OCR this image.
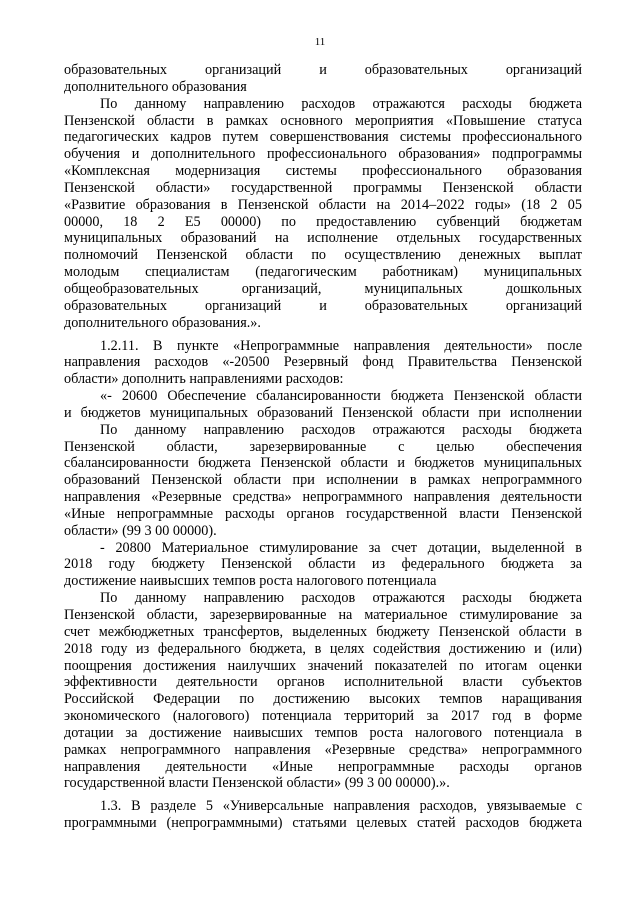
11
образовательных организаций и образовательных организаций
дополнительного образования
По данному направлению расходов отражаются расходы бюджета
Пензенской области в рамках основного мероприятия «Повышение статуса
педагогических кадров путем совершенствования системы профессионального
обучения и дополнительного профессионального образования» подпрограммы
«Комплексная модернизация системы профессионального образования
Пензенской области» государственной программы Пензенской области
«Развитие образования в Пензенской области на 2014–2022 годы» (18 2 05
00000, 18 2 Е5 00000) по предоставлению субвенций бюджетам
муниципальных образований на исполнение отдельных государственных
полномочий Пензенской области по осуществлению денежных выплат
молодым специалистам (педагогическим работникам) муниципальных
общеобразовательных организаций, муниципальных дошкольных
образовательных организаций и образовательных организаций
дополнительного образования.».
1.2.11. В пункте «Непрограммные направления деятельности» после
направления расходов «-20500 Резервный фонд Правительства Пензенской
области» дополнить направлениями расходов:
«- 20600 Обеспечение сбалансированности бюджета Пензенской области
и бюджетов муниципальных образований Пензенской области при исполнении
По данному направлению расходов отражаются расходы бюджета
Пензенской области, зарезервированные с целью обеспечения
сбалансированности бюджета Пензенской области и бюджетов муниципальных
образований Пензенской области при исполнении в рамках непрограммного
направления «Резервные средства» непрограммного направления деятельности
«Иные непрограммные расходы органов государственной власти Пензенской
области» (99 3 00 00000).
- 20800 Материальное стимулирование за счет дотации, выделенной в
2018 году бюджету Пензенской области из федерального бюджета за
достижение наивысших темпов роста налогового потенциала
По данному направлению расходов отражаются расходы бюджета
Пензенской области, зарезервированные на материальное стимулирование за
счет межбюджетных трансфертов, выделенных бюджету Пензенской области в
2018 году из федерального бюджета, в целях содействия достижению и (или)
поощрения достижения наилучших значений показателей по итогам оценки
эффективности деятельности органов исполнительной власти субъектов
Российской Федерации по достижению высоких темпов наращивания
экономического (налогового) потенциала территорий за 2017 год в форме
дотации за достижение наивысших темпов роста налогового потенциала в
рамках непрограммного направления «Резервные средства» непрограммного
направления деятельности «Иные непрограммные расходы органов
государственной власти Пензенской области» (99 3 00 00000).».
1.3. В разделе 5 «Универсальные направления расходов, увязываемые с
программными (непрограммными) статьями целевых статей расходов бюджета
